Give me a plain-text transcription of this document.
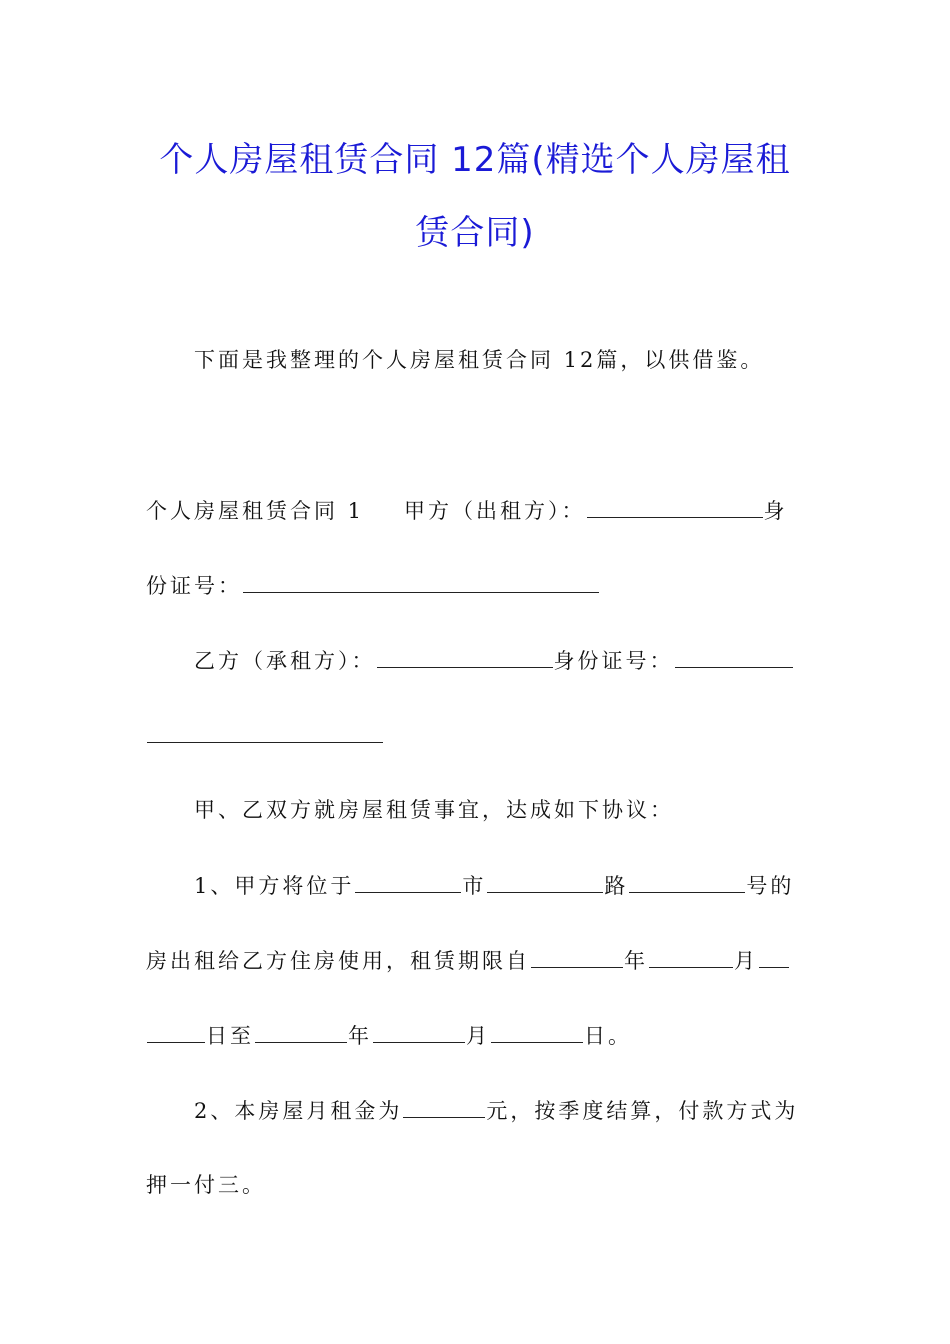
个人房屋租赁合同 12篇(精选个人房屋租
赁合同)
下面是我整理的个人房屋租赁合同 12篇，以供借鉴。
个人房屋租赁合同 1 甲方（出租方）：	身
份证号：
乙方（承租方）：	身份证号：
甲、乙双方就房屋租赁事宜，达成如下协议：
1、甲方将位于	市	路	号的
房出租给乙方住房使用，租赁期限自	年	月
日至	年	月	日。
2、本房屋月租金为	元，按季度结算，付款方式为
押一付三。
